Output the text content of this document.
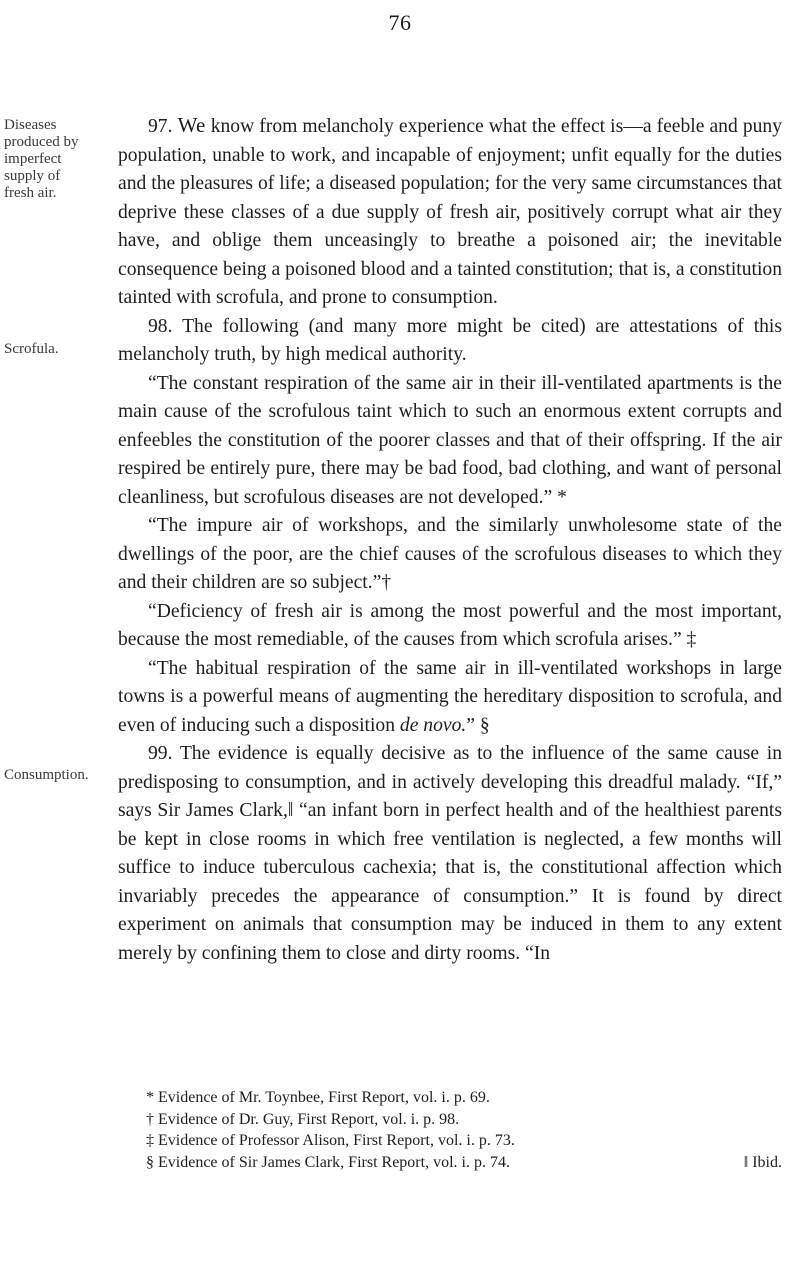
76
Diseases
produced by
imperfect
supply of
fresh air.
Scrofula.
Consumption.

97. We know from melancholy experience what the effect is—a feeble and puny population, unable to work, and incapable of enjoyment; unfit equally for the duties and the pleasures of life; a diseased population; for the very same circumstances that deprive these classes of a due supply of fresh air, positively corrupt what air they have, and oblige them unceasingly to breathe a poisoned air; the inevitable consequence being a poisoned blood and a tainted constitution; that is, a constitution tainted with scrofula, and prone to consumption.

98. The following (and many more might be cited) are attestations of this melancholy truth, by high medical authority.

“The constant respiration of the same air in their ill-ventilated apartments is the main cause of the scrofulous taint which to such an enormous extent corrupts and enfeebles the constitution of the poorer classes and that of their offspring. If the air respired be entirely pure, there may be bad food, bad clothing, and want of personal cleanliness, but scrofulous diseases are not developed.” *

“The impure air of workshops, and the similarly unwholesome state of the dwellings of the poor, are the chief causes of the scrofulous diseases to which they and their children are so subject.”†

“Deficiency of fresh air is among the most powerful and the most important, because the most remediable, of the causes from which scrofula arises.” ‡

“The habitual respiration of the same air in ill-ventilated workshops in large towns is a powerful means of augmenting the hereditary disposition to scrofula, and even of inducing such a disposition de novo.” §

99. The evidence is equally decisive as to the influence of the same cause in predisposing to consumption, and in actively developing this dreadful malady. “If,” says Sir James Clark,‖ “an infant born in perfect health and of the healthiest parents be kept in close rooms in which free ventilation is neglected, a few months will suffice to induce tuberculous cachexia; that is, the constitutional affection which invariably precedes the appearance of consumption.” It is found by direct experiment on animals that consumption may be induced in them to any extent merely by confining them to close and dirty rooms. “In

* Evidence of Mr. Toynbee, First Report, vol. i. p. 69.
† Evidence of Dr. Guy, First Report, vol. i. p. 98.
‡ Evidence of Professor Alison, First Report, vol. i. p. 73.
§ Evidence of Sir James Clark, First Report, vol. i. p. 74.	‖ Ibid.
